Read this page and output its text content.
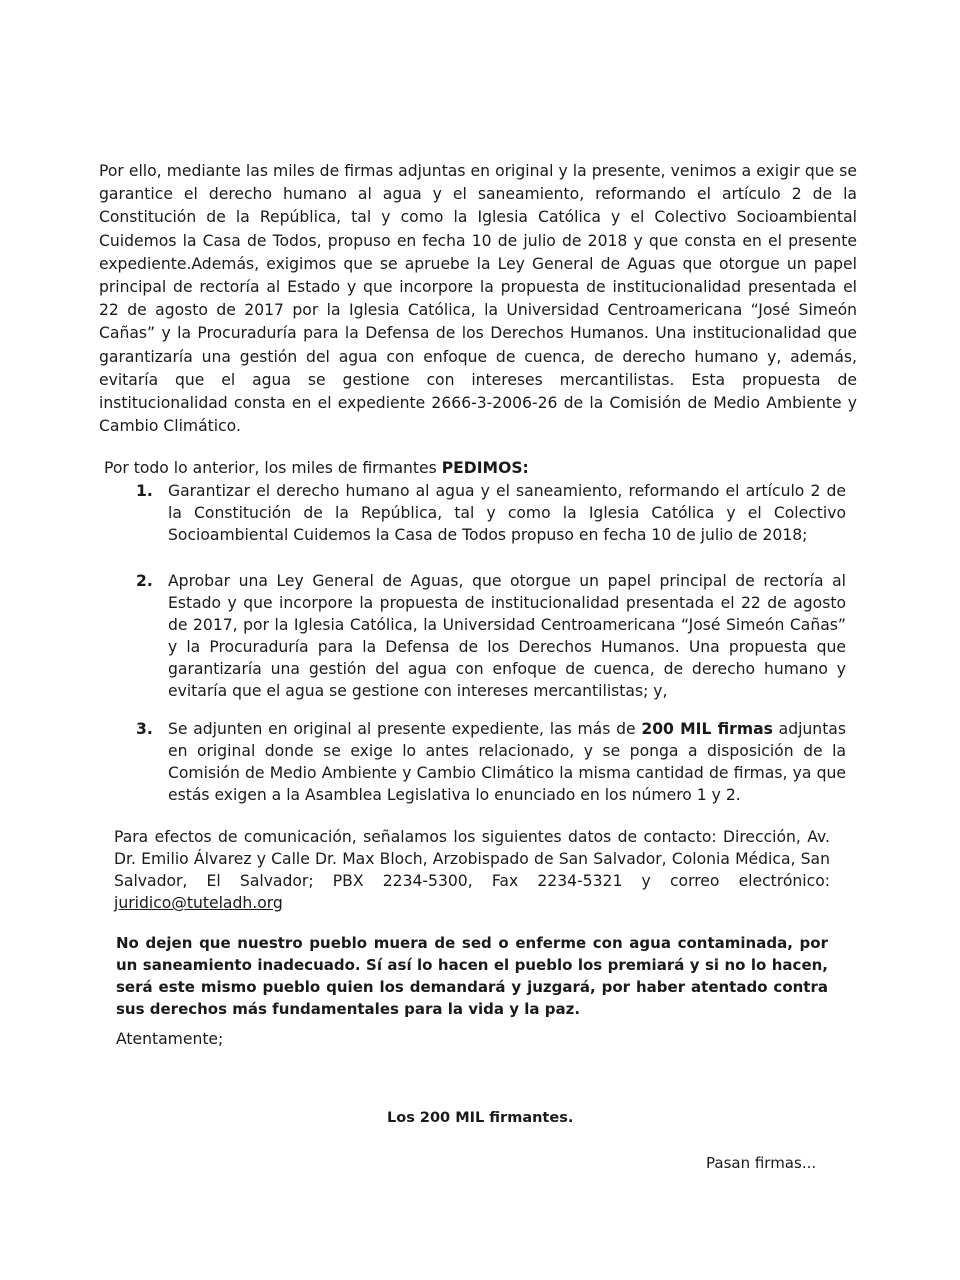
Por ello, mediante las miles de firmas adjuntas en original y la presente, venimos a exigir que se garantice el derecho humano al agua y el saneamiento, reformando el artículo 2 de la Constitución de la República, tal y como la Iglesia Católica y el Colectivo Socioambiental Cuidemos la Casa de Todos, propuso en fecha 10 de julio de 2018 y que consta en el presente expediente.Además, exigimos que se apruebe la Ley General de Aguas que otorgue un papel principal de rectoría al Estado y que incorpore la propuesta de institucionalidad presentada el 22 de agosto de 2017 por la Iglesia Católica, la Universidad Centroamericana “José Simeón Cañas” y la Procuraduría para la Defensa de los Derechos Humanos. Una institucionalidad que garantizaría una gestión del agua con enfoque de cuenca, de derecho humano y, además, evitaría que el agua se gestione con intereses mercantilistas. Esta propuesta de institucionalidad consta en el expediente 2666-3-2006-26 de la Comisión de Medio Ambiente y Cambio Climático.
Por todo lo anterior, los miles de firmantes PEDIMOS:
1. Garantizar el derecho humano al agua y el saneamiento, reformando el artículo 2 de la Constitución de la República, tal y como la Iglesia Católica y el Colectivo Socioambiental Cuidemos la Casa de Todos propuso en fecha 10 de julio de 2018;
2. Aprobar una Ley General de Aguas, que otorgue un papel principal de rectoría al Estado y que incorpore la propuesta de institucionalidad presentada el 22 de agosto de 2017, por la Iglesia Católica, la Universidad Centroamericana “José Simeón Cañas” y la Procuraduría para la Defensa de los Derechos Humanos. Una propuesta que garantizaría una gestión del agua con enfoque de cuenca, de derecho humano y evitaría que el agua se gestione con intereses mercantilistas; y,
3. Se adjunten en original al presente expediente, las más de 200 MIL firmas adjuntas en original donde se exige lo antes relacionado, y se ponga a disposición de la Comisión de Medio Ambiente y Cambio Climático la misma cantidad de firmas, ya que estás exigen a la Asamblea Legislativa lo enunciado en los número 1 y 2.
Para efectos de comunicación, señalamos los siguientes datos de contacto: Dirección, Av. Dr. Emilio Álvarez y Calle Dr. Max Bloch, Arzobispado de San Salvador, Colonia Médica, San Salvador, El Salvador; PBX 2234-5300, Fax 2234-5321 y correo electrónico: juridico@tuteladh.org
No dejen que nuestro pueblo muera de sed o enferme con agua contaminada, por un saneamiento inadecuado. Sí así lo hacen el pueblo los premiará y si no lo hacen, será este mismo pueblo quien los demandará y juzgará, por haber atentado contra sus derechos más fundamentales para la vida y la paz.
Atentamente;
Los 200 MIL firmantes.
Pasan firmas...
